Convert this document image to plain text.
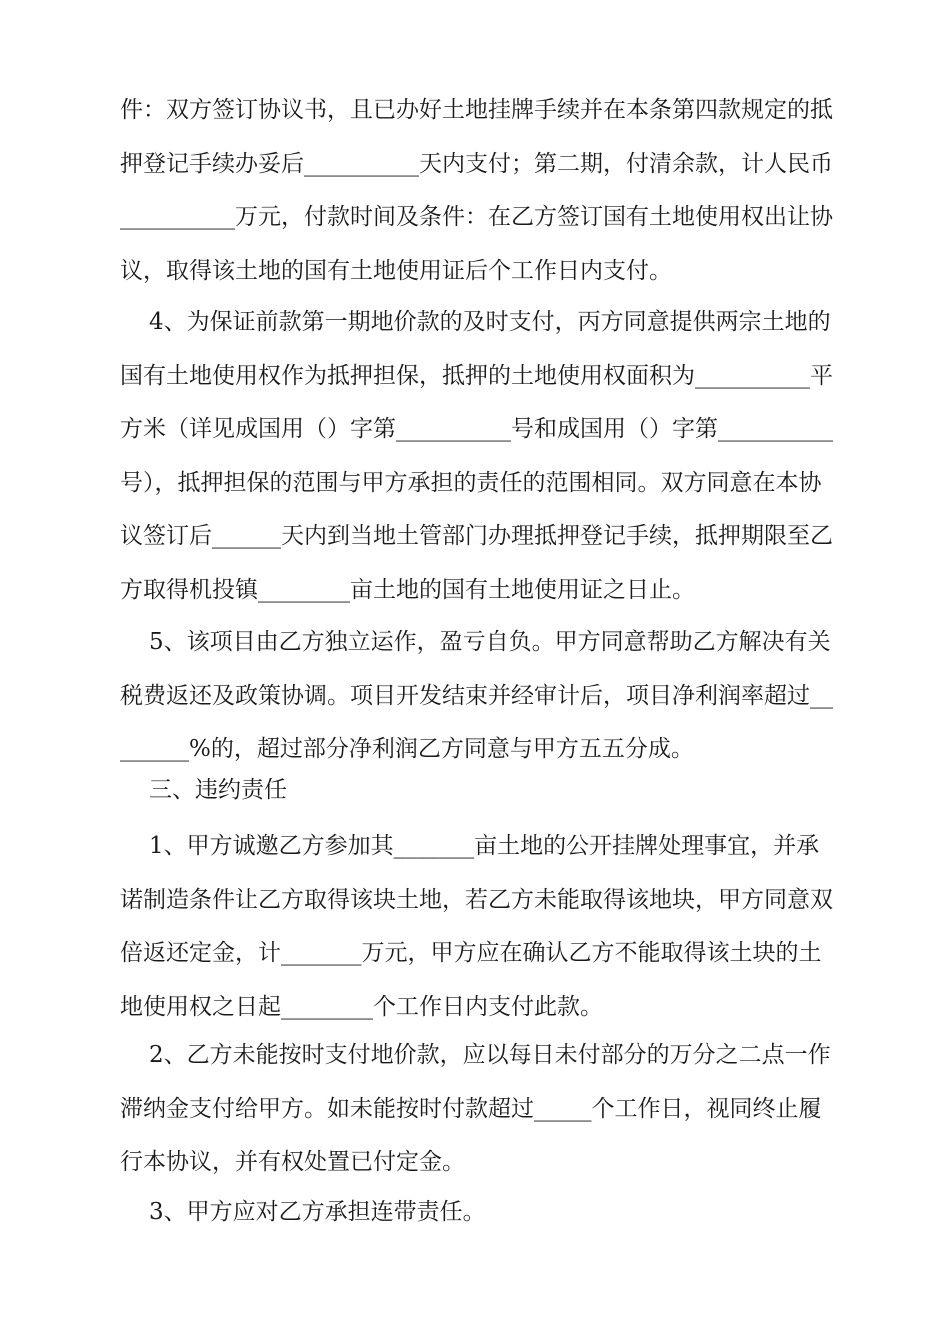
件：双方签订协议书，且已办好土地挂牌手续并在本条第四款规定的抵押登记手续办妥后__________天内支付；第二期，付清余款，计人民币__________万元，付款时间及条件：在乙方签订国有土地使用权出让协议，取得该土地的国有土地使用证后个工作日内支付。

4、为保证前款第一期地价款的及时支付，丙方同意提供两宗土地的国有土地使用权作为抵押担保，抵押的土地使用权面积为__________平方米（详见成国用（）字第__________号和成国用（）字第__________号），抵押担保的范围与甲方承担的责任的范围相同。双方同意在本协议签订后______天内到当地土管部门办理抵押登记手续，抵押期限至乙方取得机投镇________亩土地的国有土地使用证之日止。

5、该项目由乙方独立运作，盈亏自负。甲方同意帮助乙方解决有关税费返还及政策协调。项目开发结束并经审计后，项目净利润率超过________%的，超过部分净利润乙方同意与甲方五五分成。

三、违约责任

1、甲方诚邀乙方参加其_______亩土地的公开挂牌处理事宜，并承诺制造条件让乙方取得该块土地，若乙方未能取得该地块，甲方同意双倍返还定金，计_______万元，甲方应在确认乙方不能取得该土块的土地使用权之日起________个工作日内支付此款。

2、乙方未能按时支付地价款，应以每日未付部分的万分之二点一作滞纳金支付给甲方。如未能按时付款超过_____个工作日，视同终止履行本协议，并有权处置已付定金。

3、甲方应对乙方承担连带责任。
